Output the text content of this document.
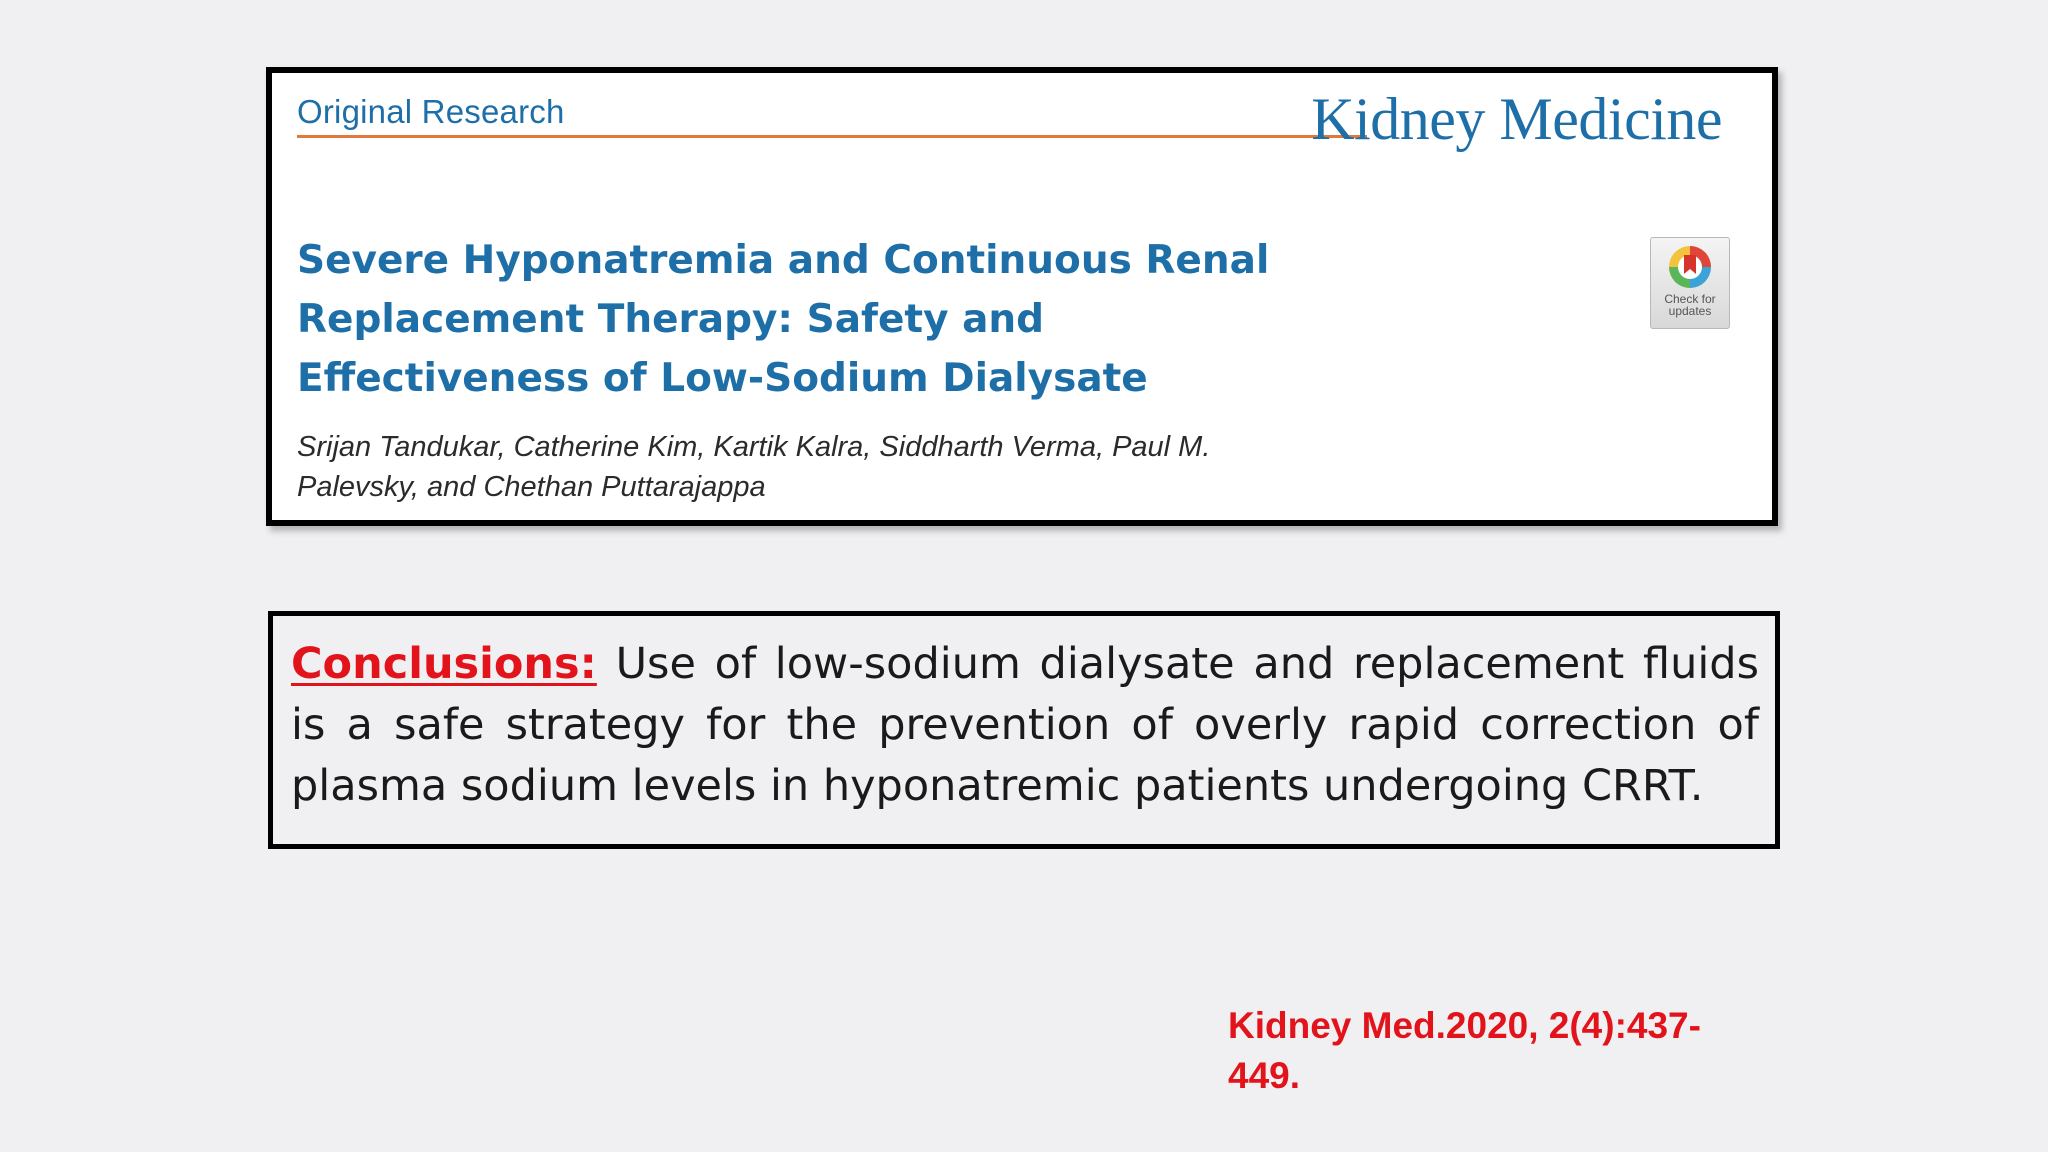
Original Research	Kidney Medicine
Severe Hyponatremia and Continuous Renal Replacement Therapy: Safety and Effectiveness of Low-Sodium Dialysate
Srijan Tandukar, Catherine Kim, Kartik Kalra, Siddharth Verma, Paul M. Palevsky, and Chethan Puttarajappa
Check for updates

Conclusions: Use of low-sodium dialysate and replacement fluids is a safe strategy for the prevention of overly rapid correction of plasma sodium levels in hyponatremic patients undergoing CRRT.

Kidney Med.2020, 2(4):437-449.
